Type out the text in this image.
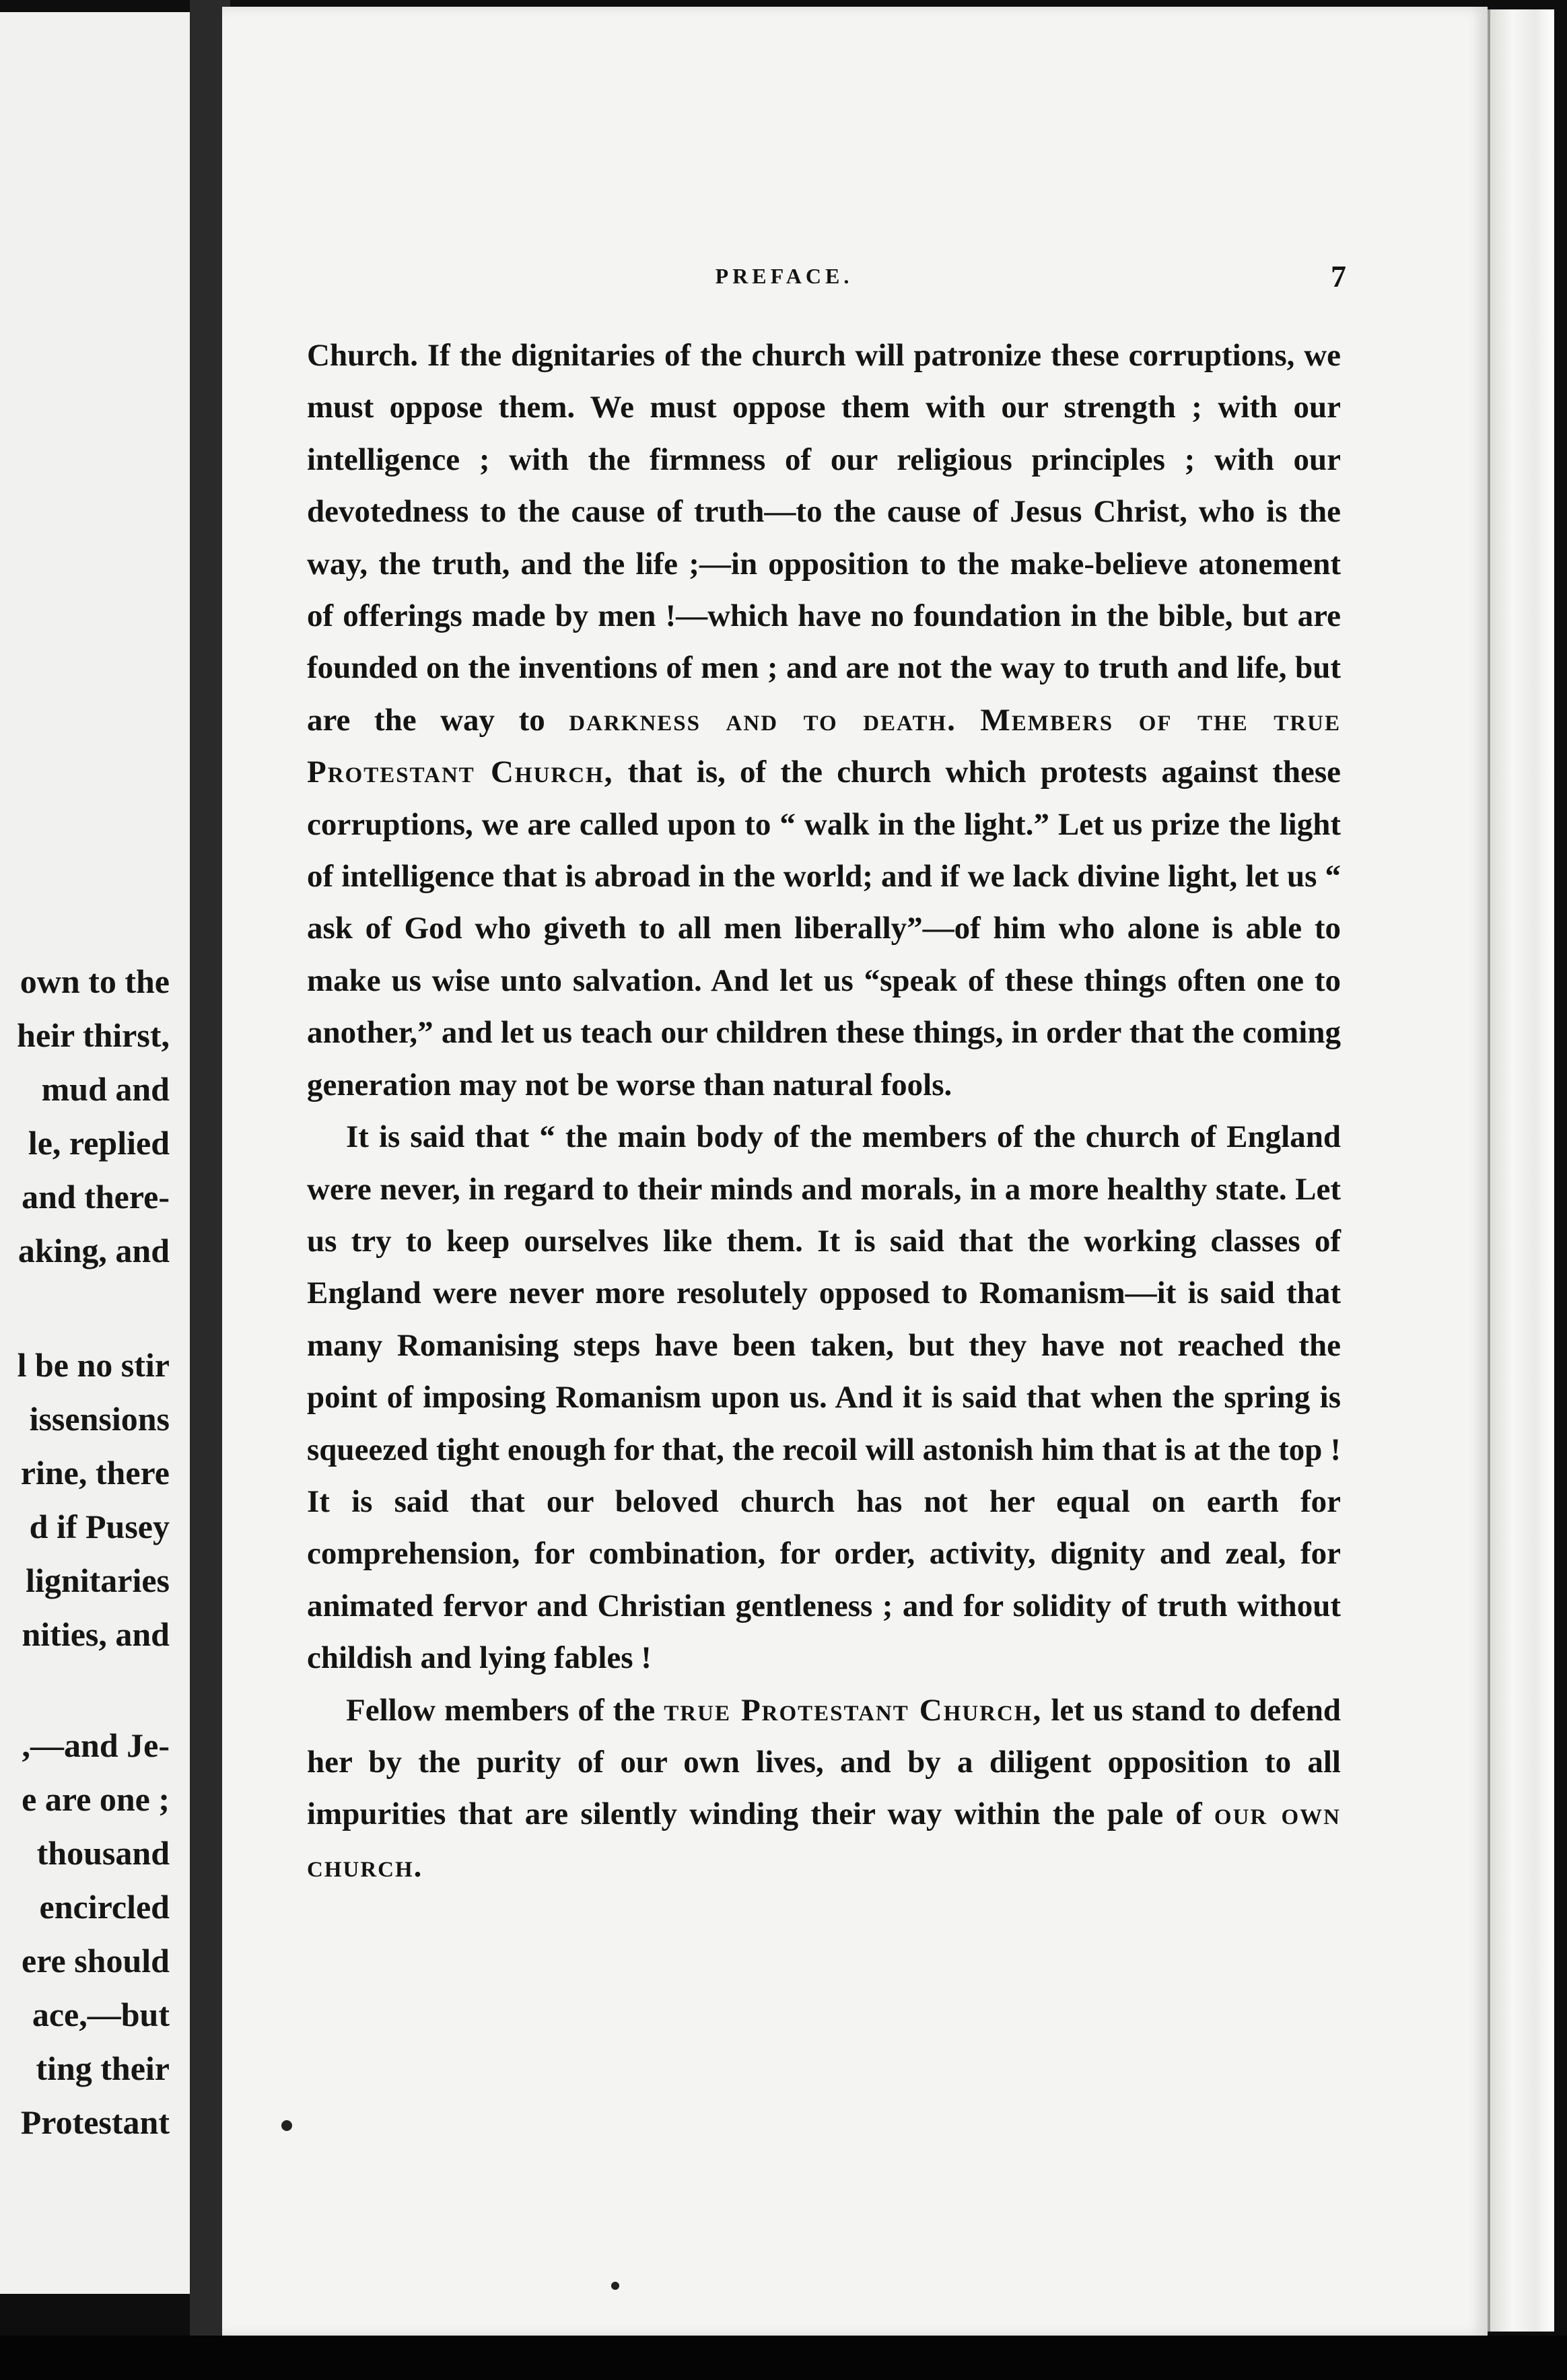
own to the
heir thirst,
mud and
le, replied
and there-
aking, and
l be no stir
issensions
rine, there
d if Pusey
lignitaries
nities, and
,—and Je-
e are one ;
thousand
encircled
ere should
ace,—but
ting their
Protestant
PREFACE.	7

Church. If the dignitaries of the church will patronize these corruptions, we must oppose them. We must oppose them with our strength ; with our intelligence ; with the firmness of our religious principles ; with our devotedness to the cause of truth—to the cause of Jesus Christ, who is the way, the truth, and the life ;—in opposition to the make-believe atonement of offerings made by men !—which have no foundation in the bible, but are founded on the inventions of men ; and are not the way to truth and life, but are the way to darkness and to death. Members of the true Protestant Church, that is, of the church which protests against these corruptions, we are called upon to “ walk in the light.” Let us prize the light of intelligence that is abroad in the world; and if we lack divine light, let us “ ask of God who giveth to all men liberally”—of him who alone is able to make us wise unto salvation. And let us “speak of these things often one to another,” and let us teach our children these things, in order that the coming generation may not be worse than natural fools.

It is said that “ the main body of the members of the church of England were never, in regard to their minds and morals, in a more healthy state. Let us try to keep ourselves like them. It is said that the working classes of England were never more resolutely opposed to Romanism—it is said that many Romanising steps have been taken, but they have not reached the point of imposing Romanism upon us. And it is said that when the spring is squeezed tight enough for that, the recoil will astonish him that is at the top ! It is said that our beloved church has not her equal on earth for comprehension, for combination, for order, activity, dignity and zeal, for animated fervor and Christian gentleness ; and for solidity of truth without childish and lying fables !

Fellow members of the true Protestant Church, let us stand to defend her by the purity of our own lives, and by a diligent opposition to all impurities that are silently winding their way within the pale of our own church.
